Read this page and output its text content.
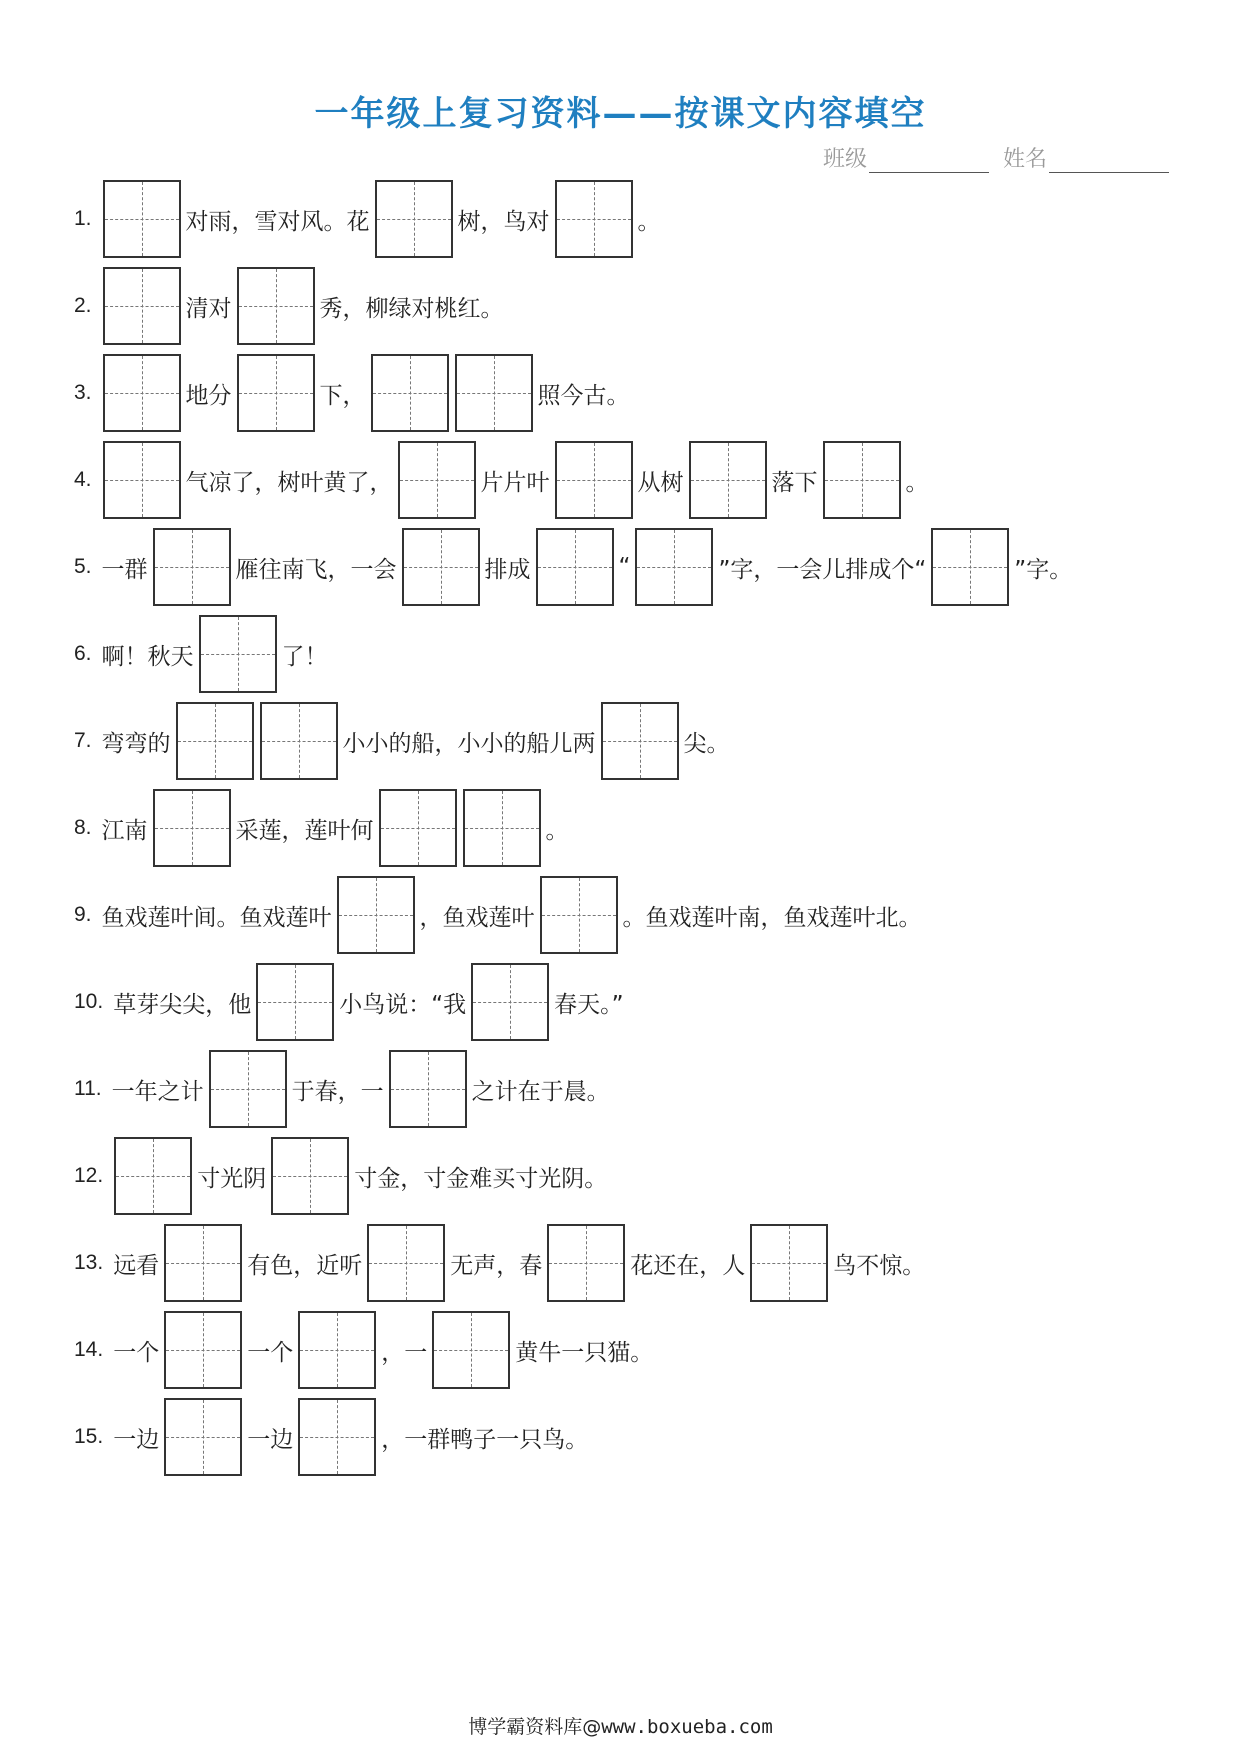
一年级上复习资料——按课文内容填空
班级	姓名
1.	对雨，雪对风。花	树，鸟对	。
2.	清对	秀，柳绿对桃红。
3.	地分	下，	照今古。
4.	气凉了，树叶黄了，	片片叶	从树	落下	。
5. 一群	雁往南飞，一会	排成	“	”字，一会儿排成个“	”字。
6. 啊！秋天	了！
7. 弯弯的	小小的船，小小的船儿两	尖。
8. 江南	采莲，莲叶何	。
9. 鱼戏莲叶间。鱼戏莲叶	，鱼戏莲叶	。鱼戏莲叶南，鱼戏莲叶北。
10. 草芽尖尖，他	小鸟说：“我	春天。”
11. 一年之计	于春，一	之计在于晨。
12.	寸光阴	寸金，寸金难买寸光阴。
13. 远看	有色，近听	无声，春	花还在，人	鸟不惊。
14. 一个	一个	，一	黄牛一只猫。
15. 一边	一边	，一群鸭子一只鸟。
博学霸资料库@www.boxueba.com
